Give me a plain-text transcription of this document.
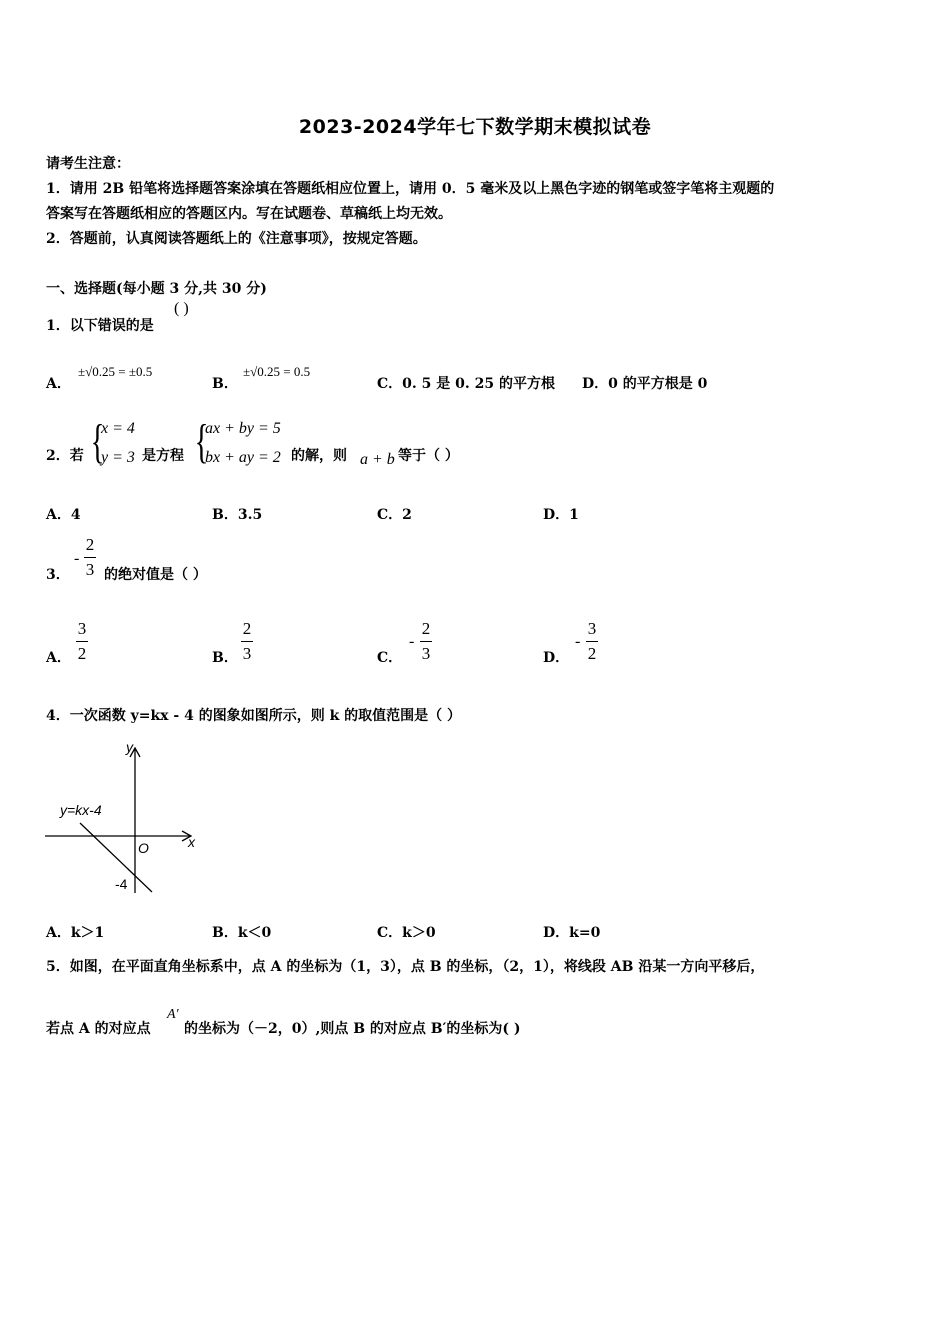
2023-2024学年七下数学期末模拟试卷
请考生注意：
1．请用 2B 铅笔将选择题答案涂填在答题纸相应位置上，请用 0．5 毫米及以上黑色字迹的钢笔或签字笔将主观题的
答案写在答题纸相应的答题区内。写在试题卷、草稿纸上均无效。
2．答题前，认真阅读答题纸上的《注意事项》，按规定答题。
一、选择题(每小题 3 分,共 30 分)
1．以下错误的是
( )
A．
±√0.25 = ±0.5
B．
±√0.25 = 0.5
C．0. 5 是 0. 25 的平方根 D．0 的平方根是 0
2．若 {
x = 4
y = 3 是方程 {
ax + by = 5
bx + ay = 2 的解，则 a + b 等于（ ）
A．4	B．3.5	C．2	D．1
3．
-
2
3 的绝对值是（ ）
A．
3
2	B．
2
3	C．
-
2
3	D．
-
3
2
4．一次函数 y=kx - 4 的图象如图所示，则 k 的取值范围是（ ）
y
x
O
y=kx-4
-4
A．k＞1	B．k＜0	C．k＞0	D．k=0
5．如图，在平面直角坐标系中，点 A 的坐标为（1，3），点 B 的坐标，（2，1），将线段 AB 沿某一方向平移后，
若点 A 的对应点
A′
的坐标为（－2，0）,则点 B 的对应点 B′的坐标为( )
